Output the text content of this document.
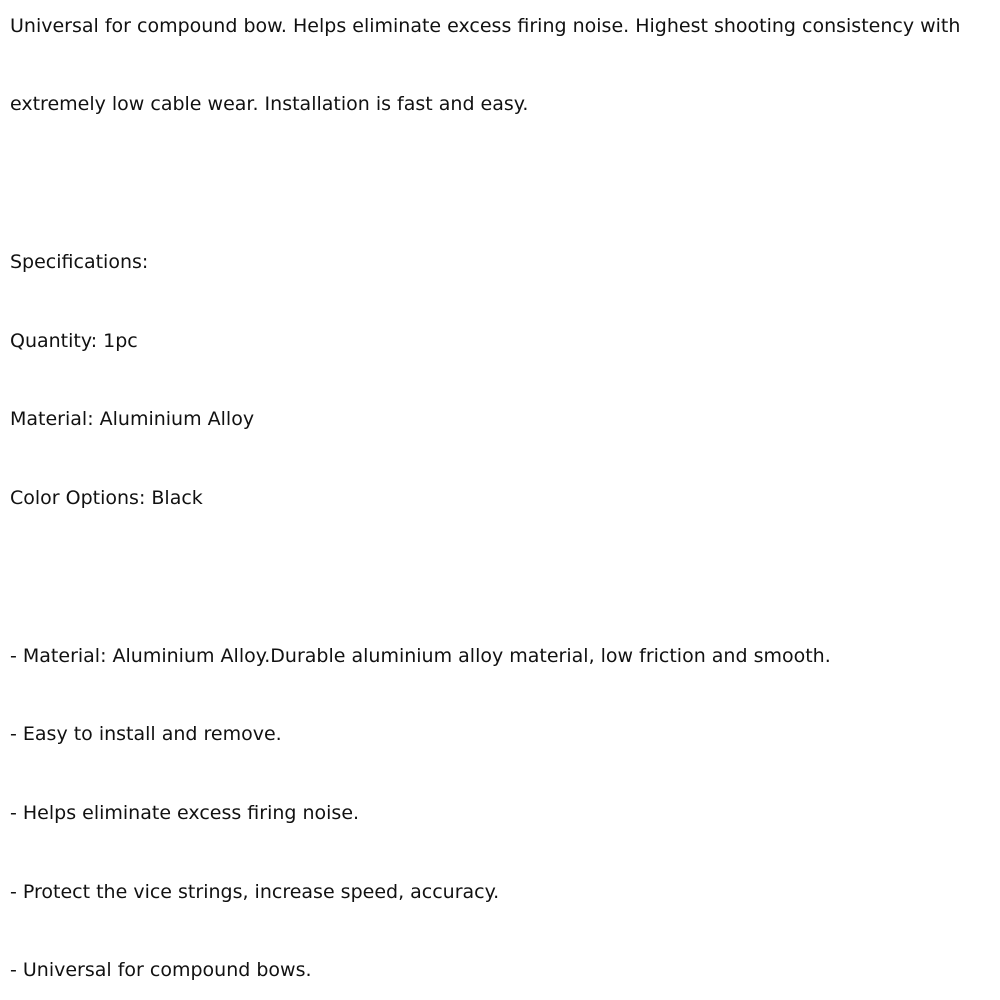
Universal for compound bow. Helps eliminate excess firing noise. Highest shooting consistency with

extremely low cable wear. Installation is fast and easy.

Specifications:

Quantity: 1pc

Material: Aluminium Alloy

Color Options: Black

- Material: Aluminium Alloy.Durable aluminium alloy material, low friction and smooth.

- Easy to install and remove.

- Helps eliminate excess firing noise.

- Protect the vice strings, increase speed, accuracy.

- Universal for compound bows.
